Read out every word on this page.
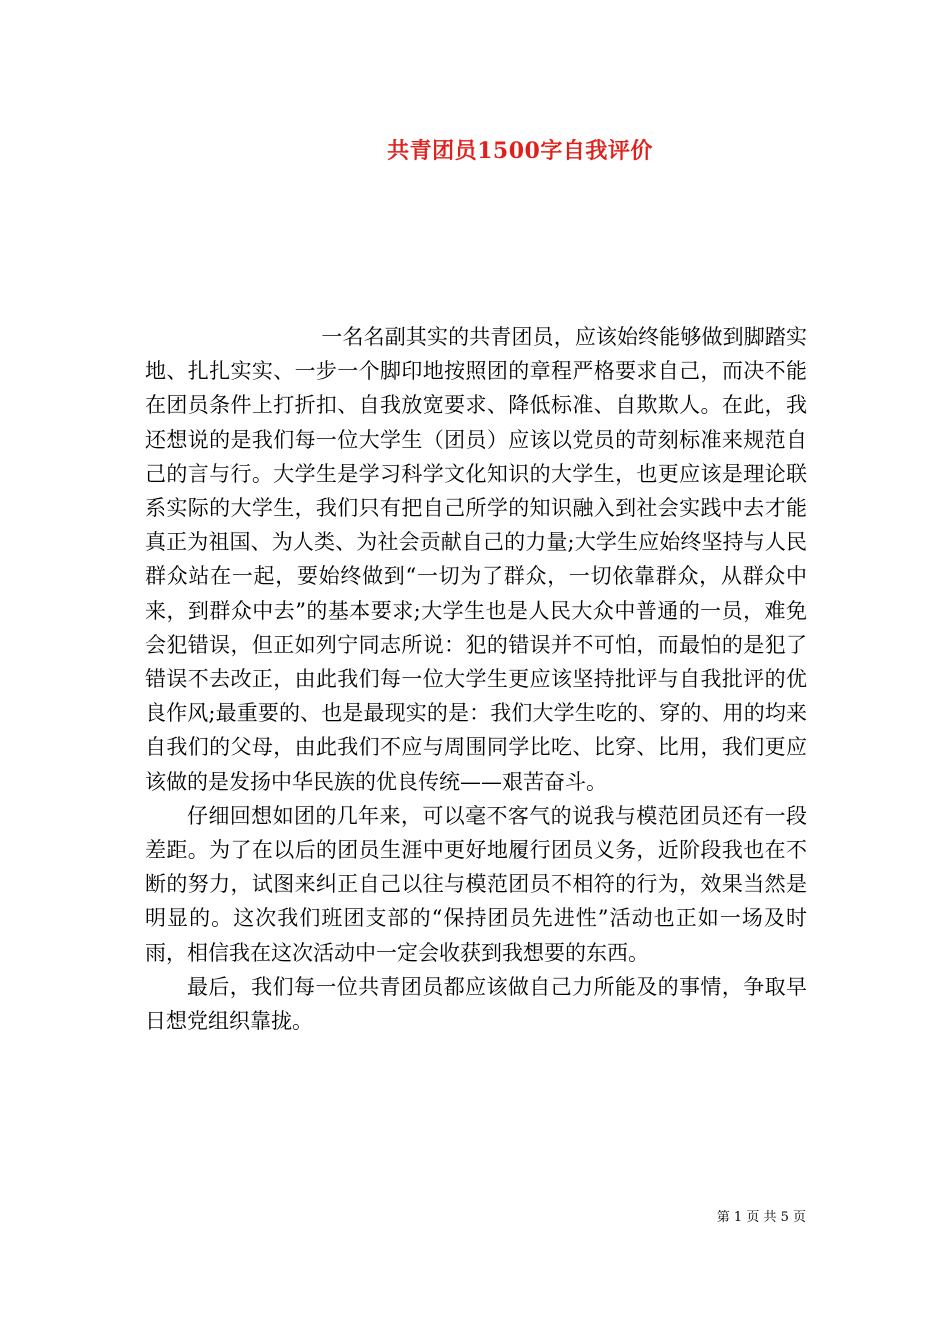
共青团员1500字自我评价

一名名副其实的共青团员，应该始终能够做到脚踏实地、扎扎实实、一步一个脚印地按照团的章程严格要求自己，而决不能在团员条件上打折扣、自我放宽要求、降低标准、自欺欺人。在此，我还想说的是我们每一位大学生（团员）应该以党员的苛刻标准来规范自己的言与行。大学生是学习科学文化知识的大学生，也更应该是理论联系实际的大学生，我们只有把自己所学的知识融入到社会实践中去才能真正为祖国、为人类、为社会贡献自己的力量;大学生应始终坚持与人民群众站在一起，要始终做到“一切为了群众，一切依靠群众，从群众中来，到群众中去”的基本要求;大学生也是人民大众中普通的一员，难免会犯错误，但正如列宁同志所说：犯的错误并不可怕，而最怕的是犯了错误不去改正，由此我们每一位大学生更应该坚持批评与自我批评的优良作风;最重要的、也是最现实的是：我们大学生吃的、穿的、用的均来自我们的父母，由此我们不应与周围同学比吃、比穿、比用，我们更应该做的是发扬中华民族的优良传统——艰苦奋斗。

仔细回想如团的几年来，可以毫不客气的说我与模范团员还有一段差距。为了在以后的团员生涯中更好地履行团员义务，近阶段我也在不断的努力，试图来纠正自己以往与模范团员不相符的行为，效果当然是明显的。这次我们班团支部的“保持团员先进性”活动也正如一场及时雨，相信我在这次活动中一定会收获到我想要的东西。

最后，我们每一位共青团员都应该做自己力所能及的事情，争取早日想党组织靠拢。

第 1 页 共 5 页
